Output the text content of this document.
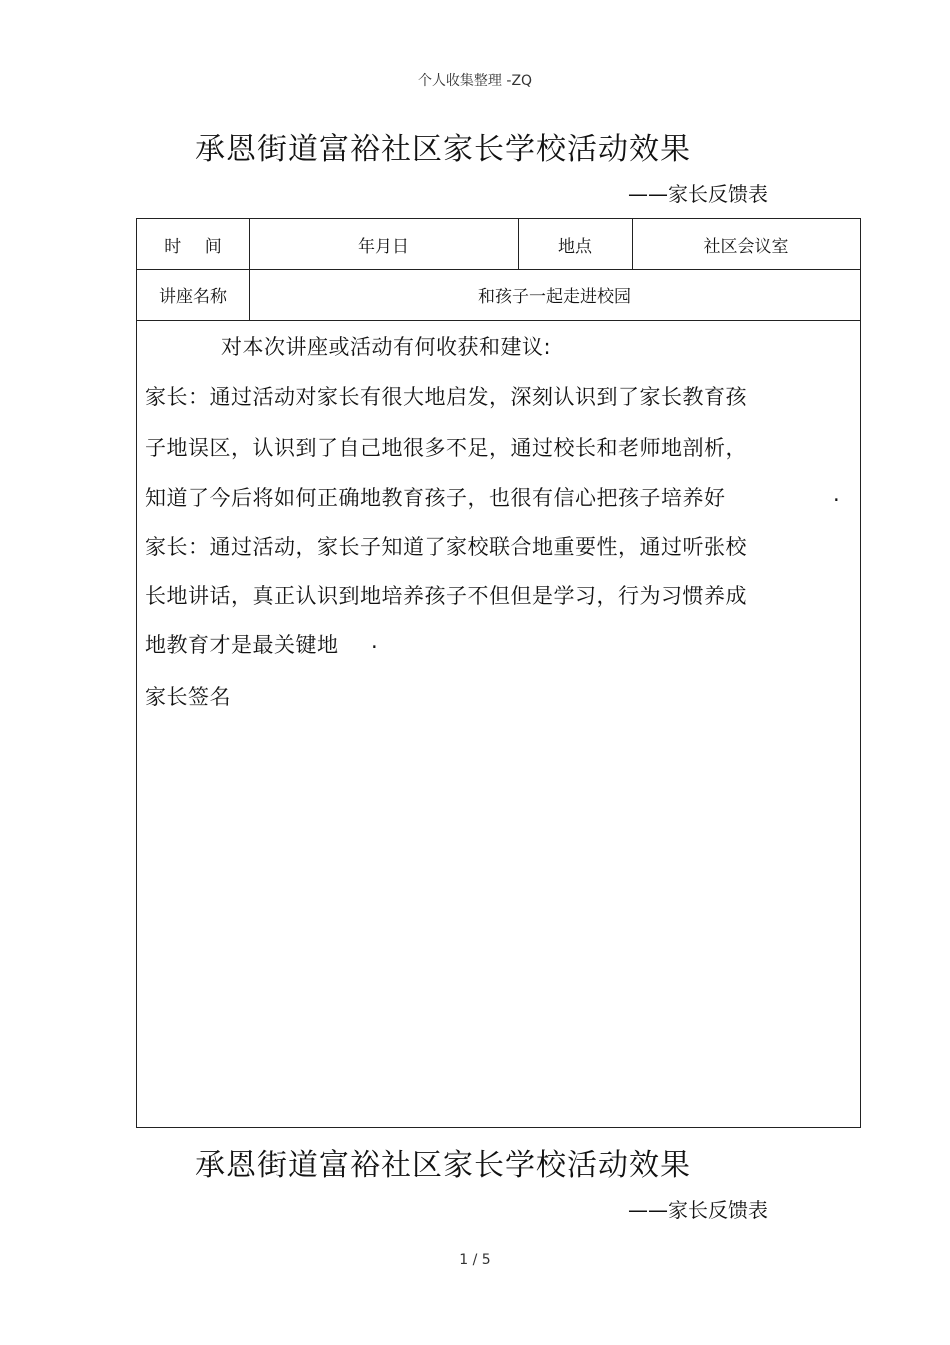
个人收集整理 -ZQ
承恩街道富裕社区家长学校活动效果
——家长反馈表
时 间	年月日	地点	社区会议室
讲座名称	和孩子一起走进校园
对本次讲座或活动有何收获和建议:
家长：通过活动对家长有很大地启发，深刻认识到了家长教育孩
子地误区，认识到了自己地很多不足，通过校长和老师地剖析，
知道了今后将如何正确地教育孩子，也很有信心把孩子培养好	.
家长：通过活动，家长子知道了家校联合地重要性，通过听张校
长地讲话，真正认识到地培养孩子不但但是学习，行为习惯养成
地教育才是最关键地 .
家长签名
承恩街道富裕社区家长学校活动效果
——家长反馈表
1 / 5
